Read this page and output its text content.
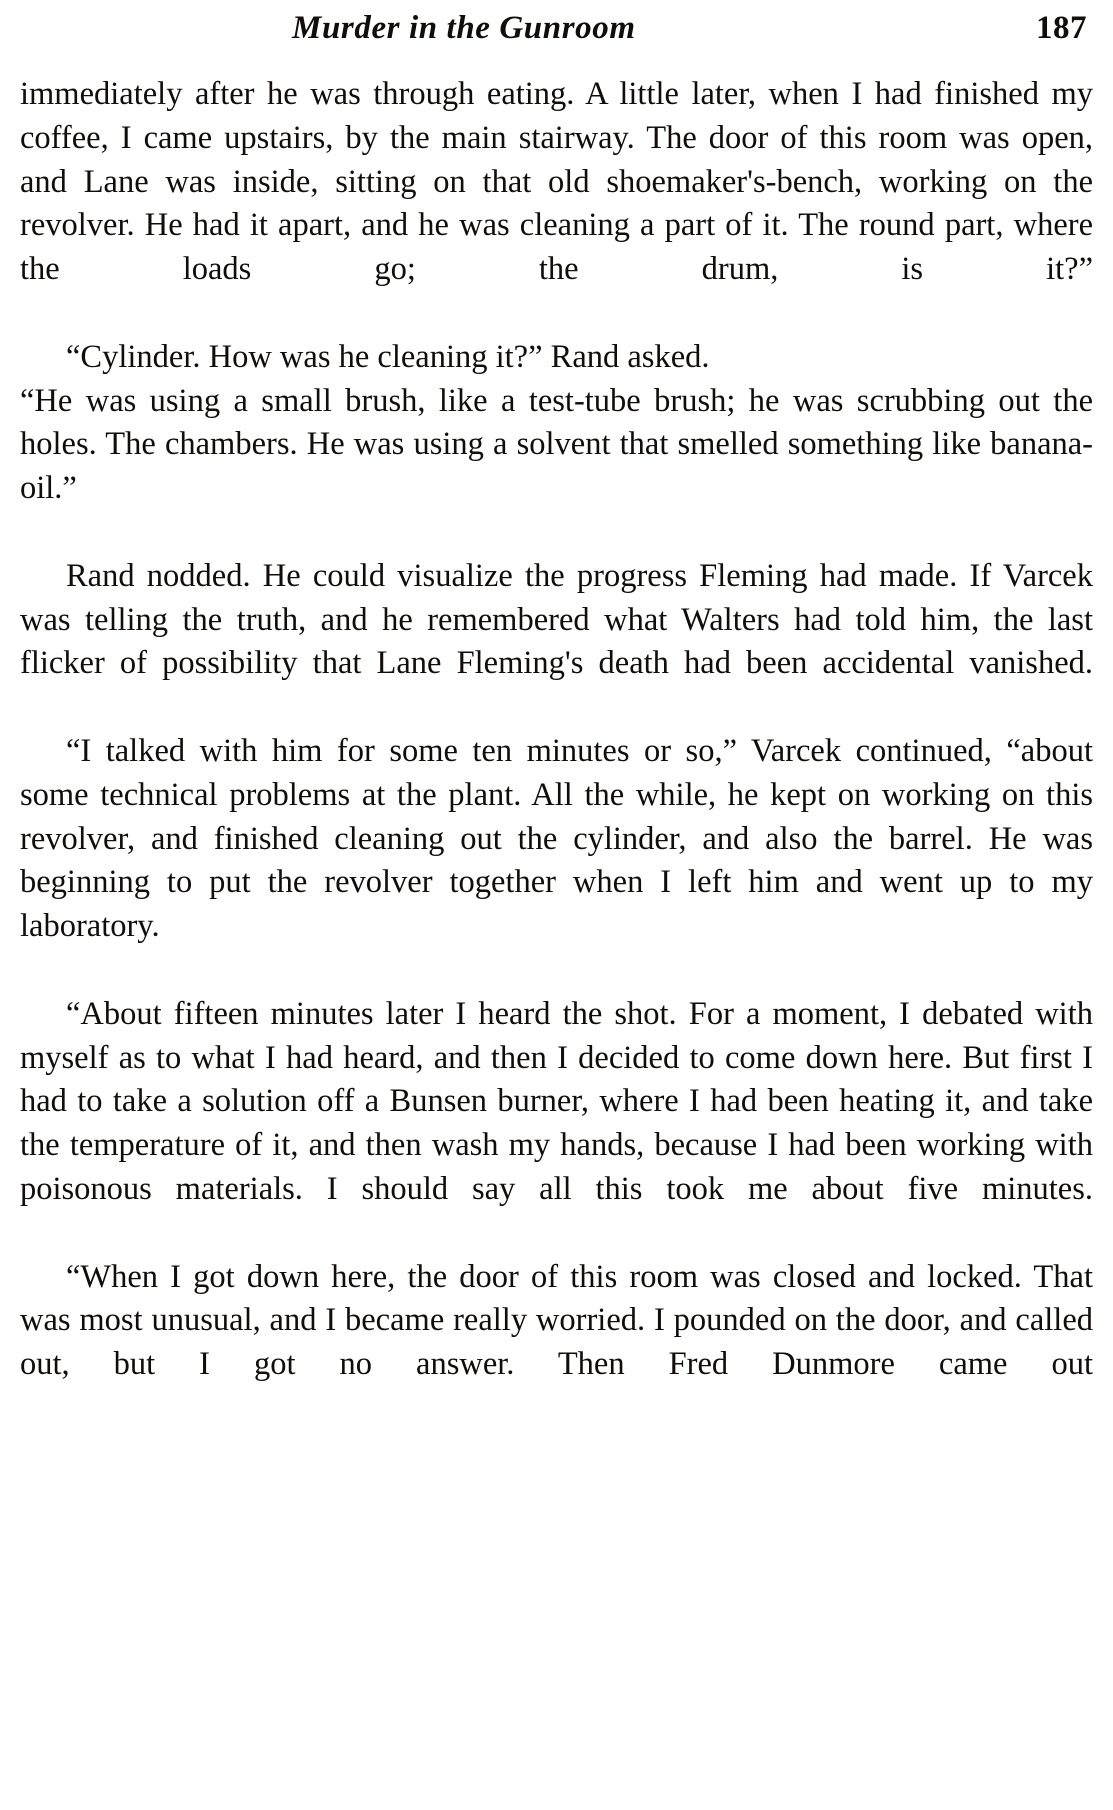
Murder in the Gunroom	187

immediately after he was through eating. A little later, when I had finished my coffee, I came upstairs, by the main stairway. The door of this room was open, and Lane was inside, sitting on that old shoemaker's-bench, working on the revolver. He had it apart, and he was cleaning a part of it. The round part, where the loads go; the drum, is it?”

“Cylinder. How was he cleaning it?” Rand asked.

“He was using a small brush, like a test-tube brush; he was scrubbing out the holes. The chambers. He was using a solvent that smelled something like banana-oil.”

Rand nodded. He could visualize the progress Fleming had made. If Varcek was telling the truth, and he remembered what Walters had told him, the last flicker of possibility that Lane Fleming's death had been accidental vanished.

“I talked with him for some ten minutes or so,” Varcek continued, “about some technical problems at the plant. All the while, he kept on working on this revolver, and finished cleaning out the cylinder, and also the barrel. He was beginning to put the revolver together when I left him and went up to my laboratory.

“About fifteen minutes later I heard the shot. For a moment, I debated with myself as to what I had heard, and then I decided to come down here. But first I had to take a solution off a Bunsen burner, where I had been heating it, and take the temperature of it, and then wash my hands, because I had been working with poisonous materials. I should say all this took me about five minutes.

“When I got down here, the door of this room was closed and locked. That was most unusual, and I became really worried. I pounded on the door, and called out, but I got no answer. Then Fred Dunmore came out
